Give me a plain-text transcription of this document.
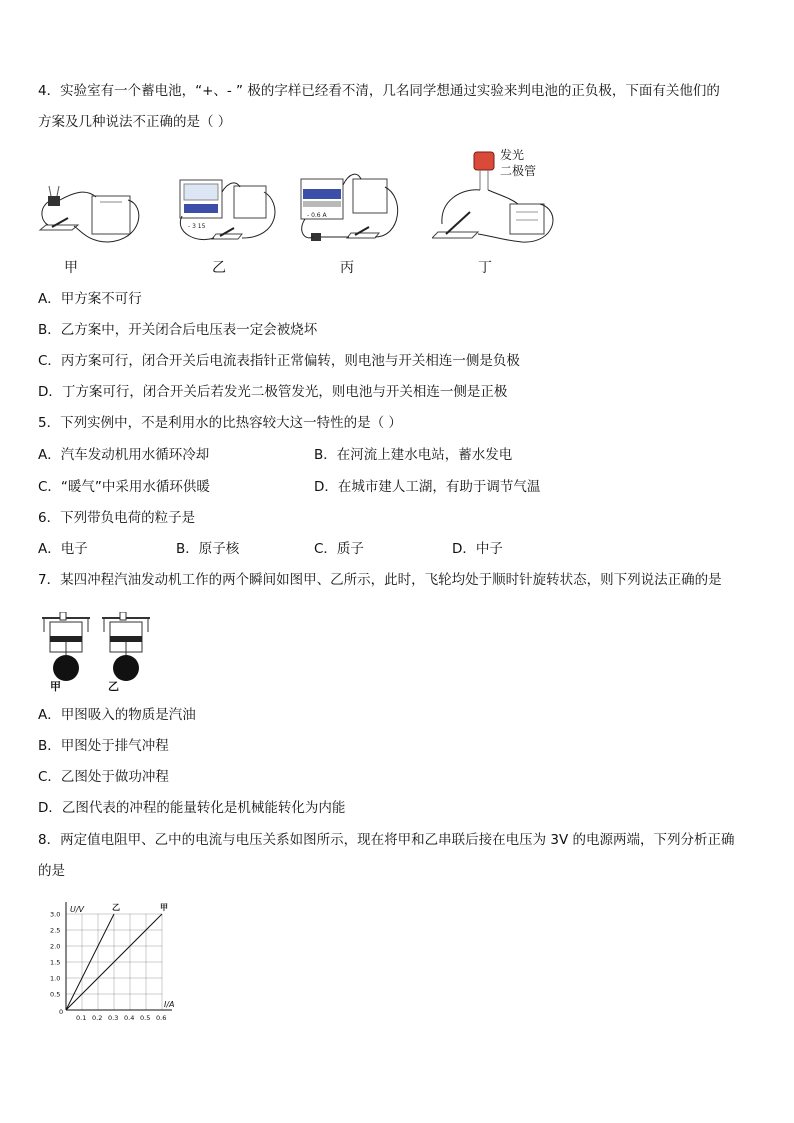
4．实验室有一个蓄电池，“+、- ” 极的字样已经看不清，几名同学想通过实验来判电池的正负极，下面有关他们的
方案及几种说法不正确的是（ ）
- 3 15
- 0.6 A
发光
二极管
甲	乙	丙	丁
A．甲方案不可行
B．乙方案中，开关闭合后电压表一定会被烧坏
C．丙方案可行，闭合开关后电流表指针正常偏转，则电池与开关相连一侧是负极
D．丁方案可行，闭合开关后若发光二极管发光，则电池与开关相连一侧是正极
5．下列实例中，不是利用水的比热容较大这一特性的是（ ）
A．汽车发动机用水循环冷却	B．在河流上建水电站，蓄水发电
C．“暖气”中采用水循环供暖	D．在城市建人工湖，有助于调节气温
6．下列带负电荷的粒子是
A．电子	B．原子核	C．质子	D．中子
7．某四冲程汽油发动机工作的两个瞬间如图甲、乙所示，此时，飞轮均处于顺时针旋转状态，则下列说法正确的是
甲	乙
A．甲图吸入的物质是汽油
B．甲图处于排气冲程
C．乙图处于做功冲程
D．乙图代表的冲程的能量转化是机械能转化为内能
8．两定值电阻甲、乙中的电流与电压关系如图所示，现在将甲和乙串联后接在电压为 3V 的电源两端，下列分析正确
的是
0.1 0.2 0.3 0.4 0.5 0.6
0.5
1.0
1.5
2.0
2.5
3.0
0
U/V
I/A
乙	甲
